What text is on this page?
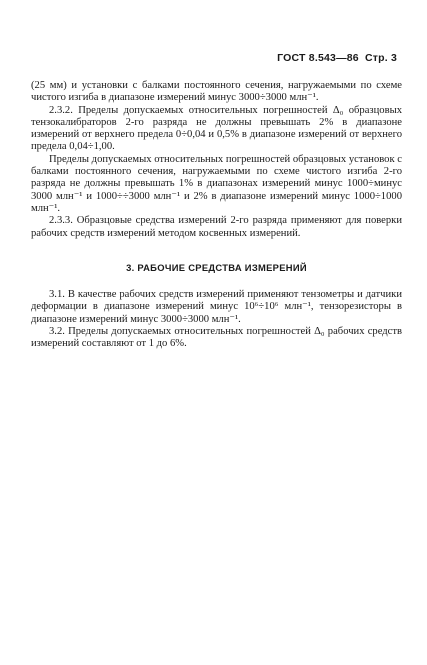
ГОСТ 8.543—86 Стр. 3

(25 мм) и установки с балками постоянного сечения, нагружаемыми по схеме чистого изгиба в диапазоне измерений минус 3000÷3000 млн⁻¹.

2.3.2. Пределы допускаемых относительных погрешностей Δ₀ образцовых тензокалибраторов 2-го разряда не должны превышать 2% в диапазоне измерений от верхнего предела 0÷0,04 и 0,5% в диапазоне измерений от верхнего предела 0,04÷1,00.

Пределы допускаемых относительных погрешностей образцовых установок с балками постоянного сечения, нагружаемыми по схеме чистого изгиба 2-го разряда не должны превышать 1% в диапазонах измерений минус 1000÷минус 3000 млн⁻¹ и 1000÷÷3000 млн⁻¹ и 2% в диапазоне измерений минус 1000÷1000 млн⁻¹.

2.3.3. Образцовые средства измерений 2-го разряда применяют для поверки рабочих средств измерений методом косвенных измерений.

3. РАБОЧИЕ СРЕДСТВА ИЗМЕРЕНИЙ

3.1. В качестве рабочих средств измерений применяют тензометры и датчики деформации в диапазоне измерений минус 10⁶÷10⁶ млн⁻¹, тензорезисторы в диапазоне измерений минус 3000÷3000 млн⁻¹.

3.2. Пределы допускаемых относительных погрешностей Δ₀ рабочих средств измерений составляют от 1 до 6%.
